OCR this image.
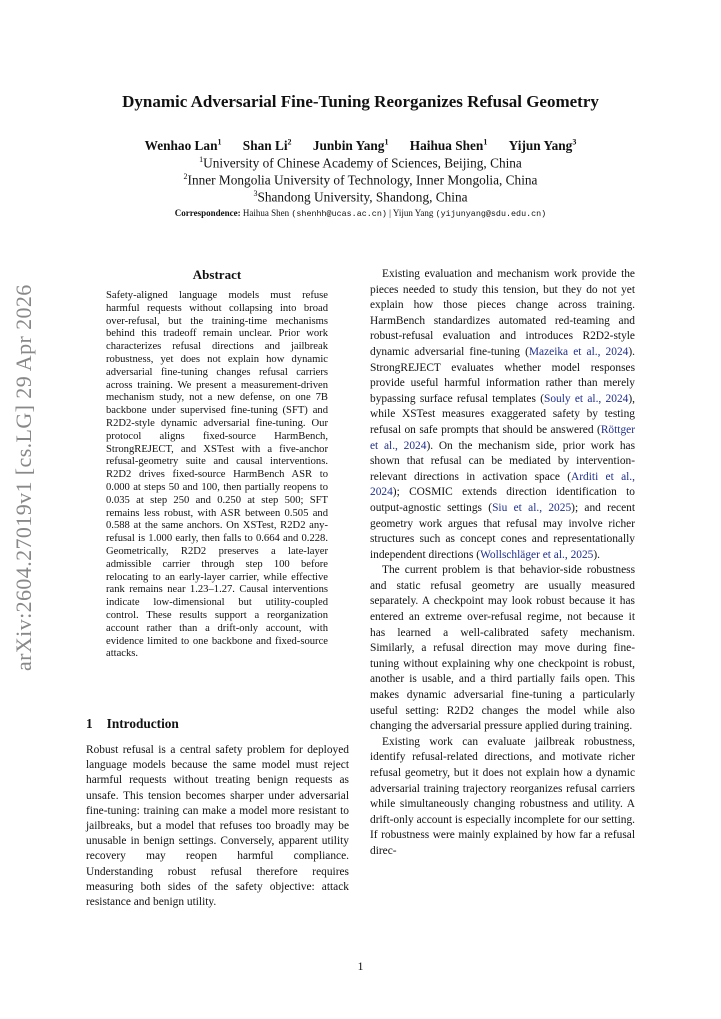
arXiv:2604.27019v1 [cs.LG] 29 Apr 2026
Dynamic Adversarial Fine-Tuning Reorganizes Refusal Geometry
Wenhao Lan$^1$ Shan Li$^2$ Junbin Yang$^1$ Haihua Shen$^1$ Yijun Yang$^3$
$^1$University of Chinese Academy of Sciences, Beijing, China
$^2$Inner Mongolia University of Technology, Inner Mongolia, China
$^3$Shandong University, Shandong, China
Correspondence: Haihua Shen (shenhh@ucas.ac.cn) | Yijun Yang (yijunyang@sdu.edu.cn)
Abstract

Safety-aligned language models must refuse harmful requests without collapsing into broad over-refusal, but the training-time mechanisms behind this tradeoff remain unclear. Prior work characterizes refusal directions and jailbreak robustness, yet does not explain how dynamic adversarial fine-tuning changes refusal carriers across training. We present a measurement-driven mechanism study, not a new defense, on one 7B backbone under supervised fine-tuning (SFT) and R2D2-style dynamic adversarial fine-tuning. Our protocol aligns fixed-source HarmBench, StrongREJECT, and XSTest with a five-anchor refusal-geometry suite and causal interventions. R2D2 drives fixed-source HarmBench ASR to 0.000 at steps 50 and 100, then partially reopens to 0.035 at step 250 and 0.250 at step 500; SFT remains less robust, with ASR between 0.505 and 0.588 at the same anchors. On XSTest, R2D2 any-refusal is 1.000 early, then falls to 0.664 and 0.228. Geometrically, R2D2 preserves a late-layer admissible carrier through step 100 before relocating to an early-layer carrier, while effective rank remains near 1.23–1.27. Causal interventions indicate low-dimensional but utility-coupled control. These results support a reorganization account rather than a drift-only account, with evidence limited to one backbone and fixed-source attacks.

1 Introduction

Robust refusal is a central safety problem for deployed language models because the same model must reject harmful requests without treating benign requests as unsafe. This tension becomes sharper under adversarial fine-tuning: training can make a model more resistant to jailbreaks, but a model that refuses too broadly may be unusable in benign settings. Conversely, apparent utility recovery may reopen harmful compliance. Understanding robust refusal therefore requires measuring both sides of the safety objective: attack resistance and benign utility.

Existing evaluation and mechanism work provide the pieces needed to study this tension, but they do not yet explain how those pieces change across training. HarmBench standardizes automated red-teaming and robust-refusal evaluation and introduces R2D2-style dynamic adversarial fine-tuning (Mazeika et al., 2024). StrongREJECT evaluates whether model responses provide useful harmful information rather than merely bypassing surface refusal templates (Souly et al., 2024), while XSTest measures exaggerated safety by testing refusal on safe prompts that should be answered (Röttger et al., 2024). On the mechanism side, prior work has shown that refusal can be mediated by intervention-relevant directions in activation space (Arditi et al., 2024); COSMIC extends direction identification to output-agnostic settings (Siu et al., 2025); and recent geometry work argues that refusal may involve richer structures such as concept cones and representationally independent directions (Wollschläger et al., 2025).

The current problem is that behavior-side robustness and static refusal geometry are usually measured separately. A checkpoint may look robust because it has entered an extreme over-refusal regime, not because it has learned a well-calibrated safety mechanism. Similarly, a refusal direction may move during fine-tuning without explaining why one checkpoint is robust, another is usable, and a third partially fails open. This makes dynamic adversarial fine-tuning a particularly useful setting: R2D2 changes the model while also changing the adversarial pressure applied during training.

Existing work can evaluate jailbreak robustness, identify refusal-related directions, and motivate richer refusal geometry, but it does not explain how a dynamic adversarial training trajectory reorganizes refusal carriers while simultaneously changing robustness and utility. A drift-only account is especially incomplete for our setting. If robustness were mainly explained by how far a refusal direc-

1
